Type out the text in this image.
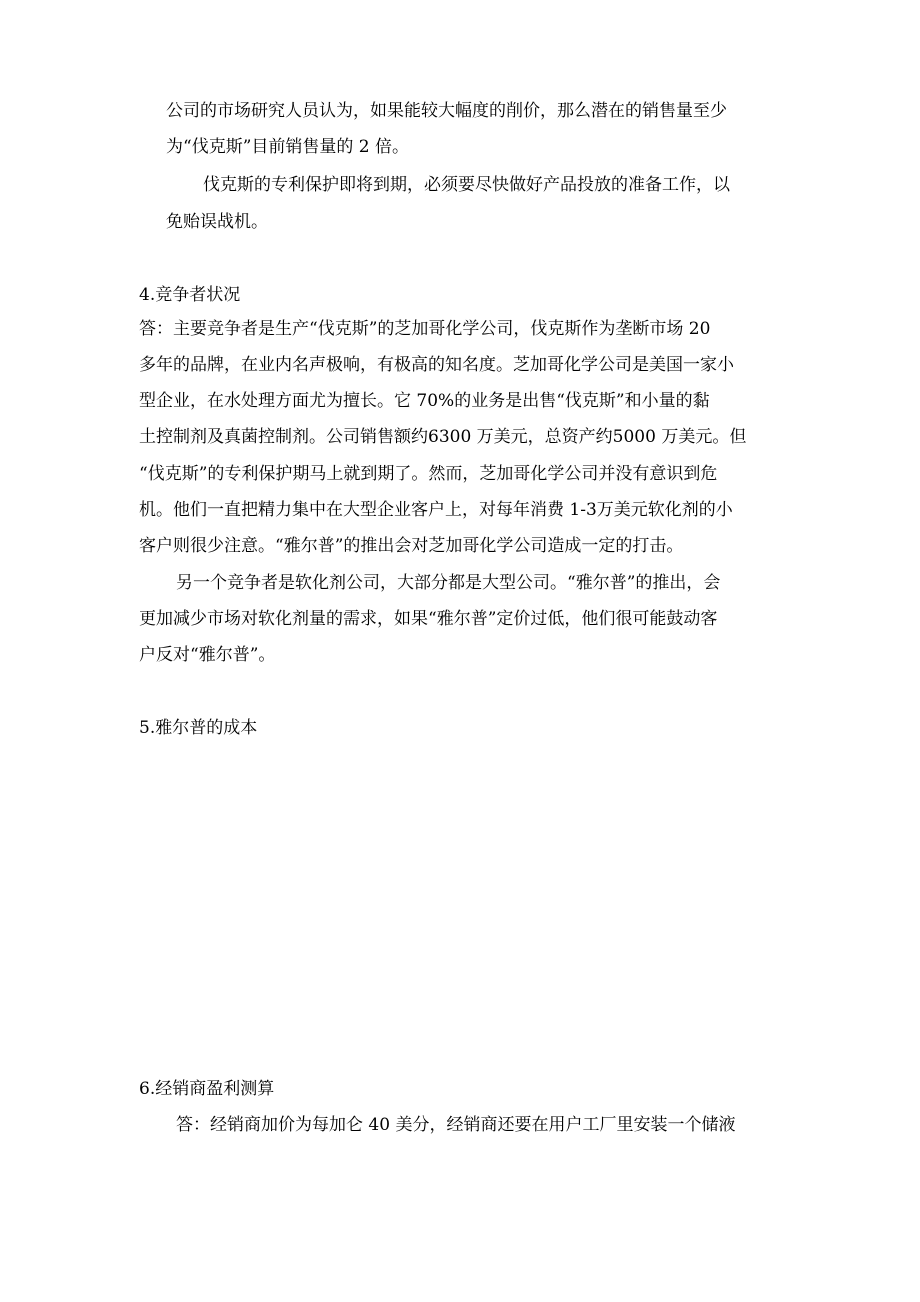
公司的市场研究人员认为，如果能较大幅度的削价，那么潜在的销售量至少
为“伐克斯”目前销售量的 2 倍。
伐克斯的专利保护即将到期，必须要尽快做好产品投放的准备工作，以
免贻误战机。
4.竞争者状况
答：主要竞争者是生产“伐克斯”的芝加哥化学公司，伐克斯作为垄断市场 20
多年的品牌，在业内名声极响，有极高的知名度。芝加哥化学公司是美国一家小
型企业，在水处理方面尤为擅长。它 70%的业务是出售“伐克斯”和小量的黏
土控制剂及真菌控制剂。公司销售额约6300 万美元，总资产约5000 万美元。但
“伐克斯”的专利保护期马上就到期了。然而，芝加哥化学公司并没有意识到危
机。他们一直把精力集中在大型企业客户上，对每年消费 1-3万美元软化剂的小
客户则很少注意。“雅尔普”的推出会对芝加哥化学公司造成一定的打击。
另一个竞争者是软化剂公司，大部分都是大型公司。“雅尔普”的推出，会
更加减少市场对软化剂量的需求，如果“雅尔普”定价过低，他们很可能鼓动客
户反对“雅尔普”。
5.雅尔普的成本
6.经销商盈利测算
答：经销商加价为每加仑 40 美分，经销商还要在用户工厂里安装一个储液
